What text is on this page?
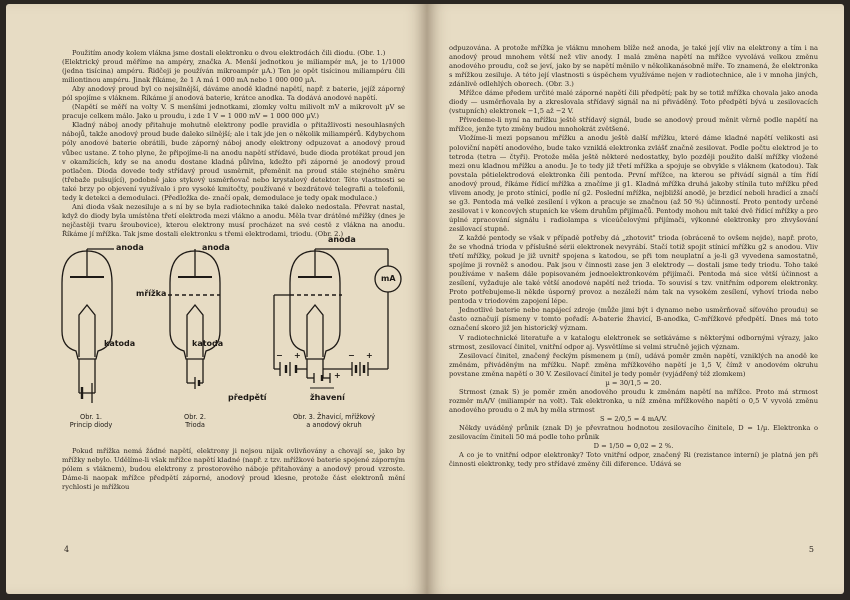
Použitím anody kolem vlákna jsme dostali elektronku o dvou elektrodách čili diodu. (Obr. 1.)

(Elektrický proud měříme na ampéry, značka A. Menší jednotkou je miliampér mA, je to 1/1000 (jedna tisícina) ampéru. Řidčeji je používán mikroampér µA.) Ten je opět tisícinou miliampéru čili miliontinou ampéru. Jinak říkáme, že 1 A má 1 000 mA nebo 1 000 000 µA.

Aby anodový proud byl co nejsilnější, dáváme anodě kladné napětí, např. z baterie, jejíž záporný pól spojíme s vláknem. Říkáme jí anodová baterie, krátce anodka. Ta dodává anodové napětí.

(Napětí se měří na volty V. S menšími jednotkami, zlomky voltu milivolt mV a mikrovolt µV se pracuje celkem málo. Jako u proudu, i zde 1 V = 1 000 mV = 1 000 000 µV.)

Kladný náboj anody přitahuje mohutně elektrony podle pravidla o přitažlivosti nesouhlasných nábojů, takže anodový proud bude daleko silnější; ale i tak jde jen o několik miliampérů. Kdybychom póly anodové baterie obrátili, bude záporný náboj anody elektrony odpuzovat a anodový proud vůbec ustane. Z toho plyne, že připojíme-li na anodu napětí střídavé, bude dioda protékat proud jen v okamžicích, kdy se na anodu dostane kladná půlvlna, kdežto při záporné je anodový proud potlačen. Dioda dovede tedy střídavý proud usměrnit, přeměnit na proud stále stejného směru (třebaže pulsující), podobně jako stykový usměrňovač nebo krystalový detektor. Této vlastnosti se také brzy po objevení využívalo i pro vysoké kmitočty, používané v bezdrátové telegrafii a telefonii, tedy k detekci a demodulaci. (Předložka de- značí opak, demodulace je tedy opak modulace.)

Ani dioda však nezesiluje a s ní by se byla radiotechnika také daleko nedostala. Převrat nastal, když do diody byla umístěna třetí elektroda mezi vlákno a anodu. Měla tvar drátěné mřížky (dnes je nejčastěji tvaru šroubovice), kterou elektrony musí procházet na své cestě z vlákna na anodu. Říkáme jí mřížka. Tak jsme dostali elektronku s třemi elektrodami, triodu. (Obr. 2.)

anoda
katoda
anoda
mřížka
katoda
anoda
mA
žhavení
předpětí
+
−	+
−
+
Obr. 1.
Princip diody
Obr. 2.
Trioda
Obr. 3. Žhavicí, mřížkový
a anodový okruh

Pokud mřížka nemá žádné napětí, elektrony ji nejsou nijak ovlivňovány a chovají se, jako by mřížky nebylo. Udělíme-li však mřížce napětí kladné (např. z tzv. mřížkové baterie spojené záporným pólem s vláknem), budou elektrony z prostorového náboje přitahovány a anodový proud vzroste. Dáme-li naopak mřížce předpětí záporné, anodový proud klesne, protože část elektronů mění rychlosti je mřížkou

4

odpuzována. A protože mřížka je vláknu mnohem blíže než anoda, je také její vliv na elektrony a tím i na anodový proud mnohem větší než vliv anody. I malá změna napětí na mřížce vyvolává velkou změnu anodového proudu, což se jeví, jako by se napětí měnilo v několikanásobně míře. To znamená, že elektronka s mřížkou zesiluje. A této její vlastnosti s úspěchem využíváme nejen v radiotechnice, ale i v mnoha jiných, zdánlivě odlehlých oborech. (Obr. 3.)

Mřížce dáme předem určité malé záporné napětí čili předpětí; pak by se totiž mřížka chovala jako anoda diody — usměrňovala by a zkreslovala střídavý signál na ni přiváděný. Toto předpětí bývá u zesilovacích (vstupních) elektronek −1,5 až −2 V.

Přivedeme-li nyní na mřížku ještě střídavý signál, bude se anodový proud měnit věrně podle napětí na mřížce, jenže tyto změny budou mnohokrát zvětšené.

Vložíme-li mezi popsanou mřížku a anodu ještě další mřížku, které dáme kladné napětí velikosti asi poloviční napětí anodového, bude tako vzniklá elektronka zvlášť značně zesilovat. Podle počtu elektrod je to tetroda (tetra — čtyři). Protože měla ještě některé nedostatky, bylo později použito další mřížky vložené mezi onu kladnou mřížku a anodu. Je to tedy již třetí mřížka a spojuje se obvykle s vláknem (katodou). Tak povstala pětielektrodová elektronka čili pentoda. První mřížce, na kterou se přivádí signál a tím řídí anodový proud, říkáme řídicí mřížka a značíme ji g1. Kladná mřížka druhá jakoby stínila tuto mřížku před vlivem anody, je proto stínicí, podle ní g2. Poslední mřížka, nejbližší anodě, je brzdicí neboli hradicí a značí se g3. Pentoda má velké zesílení i výkon a pracuje se značnou (až 50 %) účinností. Proto pentody určené zesilovat i v koncových stupních ke všem druhům přijímačů. Pentody mohou mít také dvě řídicí mřížky a pro úplné zpracování signálu i radiolampa s víceúčelovými přijímači, výkonné elektronky pro zhvyšování zesilovací stupně.

Z každé pentody se však v případě potřeby dá „zhotovit" trioda (obráceně to ovšem nejde), např. proto, že se vhodná trioda v příslušné sérii elektronek nevyrábí. Stačí totiž spojit stínicí mřížku g2 s anodou. Vliv třetí mřížky, pokud je již uvnitř spojena s katodou, se při tom neuplatní a je-li g3 vyvedena samostatně, spojíme ji rovněž s anodou. Pak jsou v činnosti zase jen 3 elektrody — dostali jsme tedy triodu. Toho také používáme v našem dále popisovaném jednoelektronkovém přijímači. Pentoda má sice větší účinnost a zesílení, vyžaduje ale také větší anodové napětí než trioda. To souvisí s tzv. vnitřním odporem elektronky. Proto potřebujeme-li někde úsporný provoz a nezáleží nám tak na vysokém zesílení, vyhoví trioda nebo pentoda v triodovém zapojení lépe.

Jednotlivé baterie nebo napájecí zdroje (může jimi být i dynamo nebo usměrňovač síťového proudu) se často označují písmeny v tomto pořadí: A-baterie žhavicí, B-anodka, C-mřížkové předpětí. Dnes má toto označení skoro již jen historický význam.

V radiotechnické literatuře a v katalogu elektronek se setkáváme s některými odbornými výrazy, jako strmost, zesilovací činitel, vnitřní odpor aj. Vysvětlíme si velmi stručně jejich význam.

Zesilovací činitel, značený řeckým písmenem µ (mí), udává poměr změn napětí, vzniklých na anodě ke změnám, přiváděným na mřížku. Např. změna mřížkového napětí je 1,5 V, čímž v anodovém okruhu povstane změna napětí o 30 V. Zesilovací činitel je tedy poměr (vyjádřený též zlomkem)

µ = 30/1,5 = 20.

Strmost (znak S) je poměr změn anodového proudu k změnám napětí na mřížce. Proto má strmost rozměr mA/V (miliampér na volt). Tak elektronka, u níž změna mřížkového napětí o 0,5 V vyvolá změnu anodového proudu o 2 mA by měla strmost

S = 2/0,5 = 4 mA/V.

Někdy uváděný průnik (znak D) je převratnou hodnotou zesilovacího činitele, D = 1/µ. Elektronka o zesilovacím činiteli 50 má podle toho průnik

D = 1/50 = 0,02 = 2 %.

A co je to vnitřní odpor elektronky? Toto vnitřní odpor, značený Ri (rezistance interní) je platná jen při činnosti elektronky, tedy pro střídavé změny čili diference. Udává se

5
